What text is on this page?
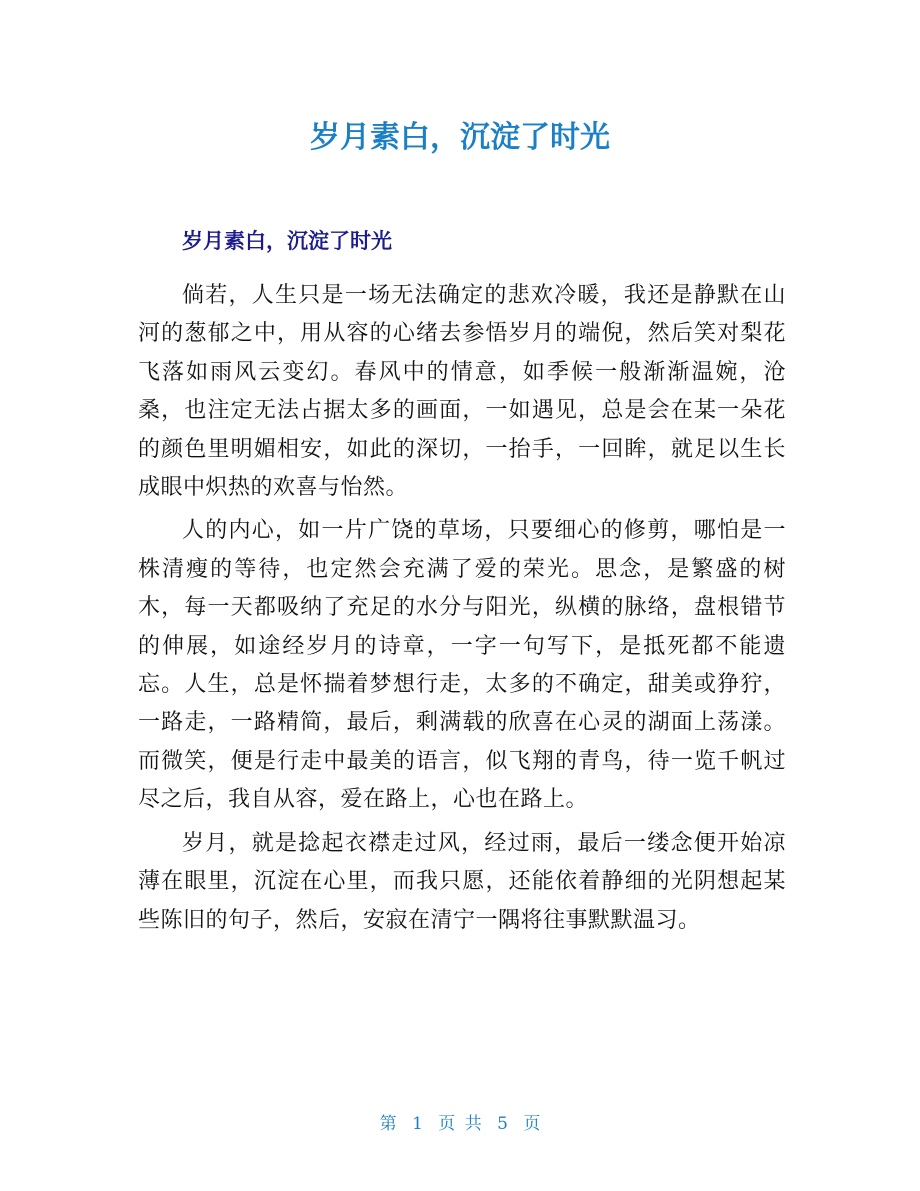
岁月素白，沉淀了时光
岁月素白，沉淀了时光

倘若，人生只是一场无法确定的悲欢冷暖，我还是静默在山河的葱郁之中，用从容的心绪去参悟岁月的端倪，然后笑对梨花飞落如雨风云变幻。春风中的情意，如季候一般渐渐温婉，沧桑，也注定无法占据太多的画面，一如遇见，总是会在某一朵花的颜色里明媚相安，如此的深切，一抬手，一回眸，就足以生长成眼中炽热的欢喜与怡然。

人的内心，如一片广饶的草场，只要细心的修剪，哪怕是一株清瘦的等待，也定然会充满了爱的荣光。思念，是繁盛的树木，每一天都吸纳了充足的水分与阳光，纵横的脉络，盘根错节的伸展，如途经岁月的诗章，一字一句写下，是抵死都不能遗忘。人生，总是怀揣着梦想行走，太多的不确定，甜美或狰狞，一路走，一路精简，最后，剩满载的欣喜在心灵的湖面上荡漾。而微笑，便是行走中最美的语言，似飞翔的青鸟，待一览千帆过尽之后，我自从容，爱在路上，心也在路上。

岁月，就是捻起衣襟走过风，经过雨，最后一缕念便开始凉薄在眼里，沉淀在心里，而我只愿，还能依着静细的光阴想起某些陈旧的句子，然后，安寂在清宁一隅将往事默默温习。

第 1 页 共 5 页
